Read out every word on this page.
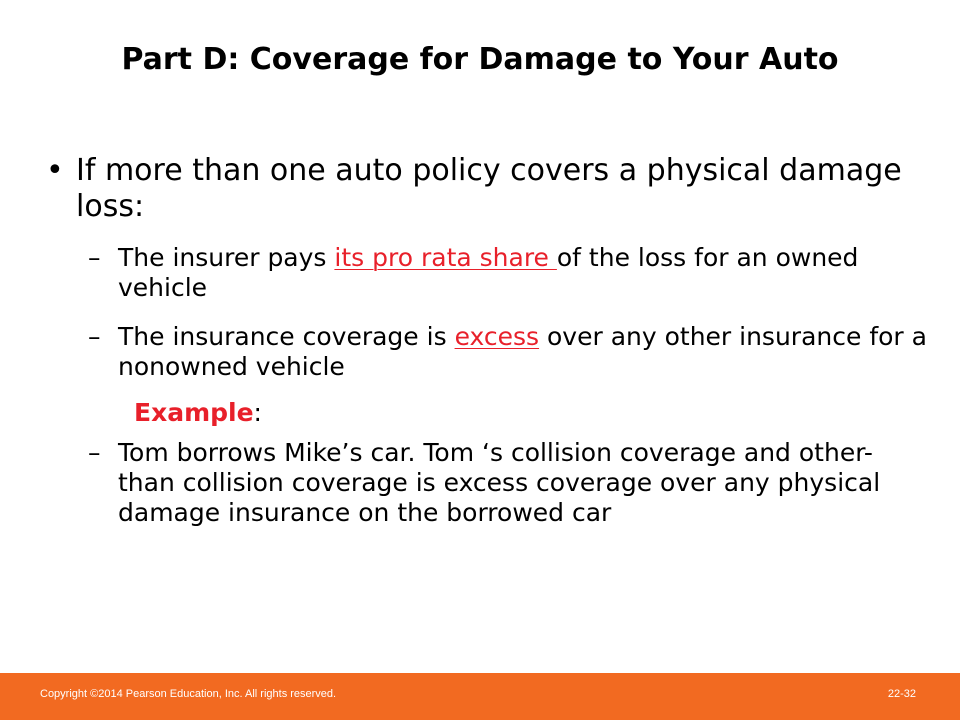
Part D: Coverage for Damage to Your Auto
• If more than one auto policy covers a physical damage loss:
– The insurer pays its pro rata share of the loss for an owned vehicle
– The insurance coverage is excess over any other insurance for a nonowned vehicle
Example:
– Tom borrows Mike’s car. Tom ‘s collision coverage and other-than collision coverage is excess coverage over any physical damage insurance on the borrowed car
Copyright ©2014 Pearson Education, Inc. All rights reserved.	22-32
